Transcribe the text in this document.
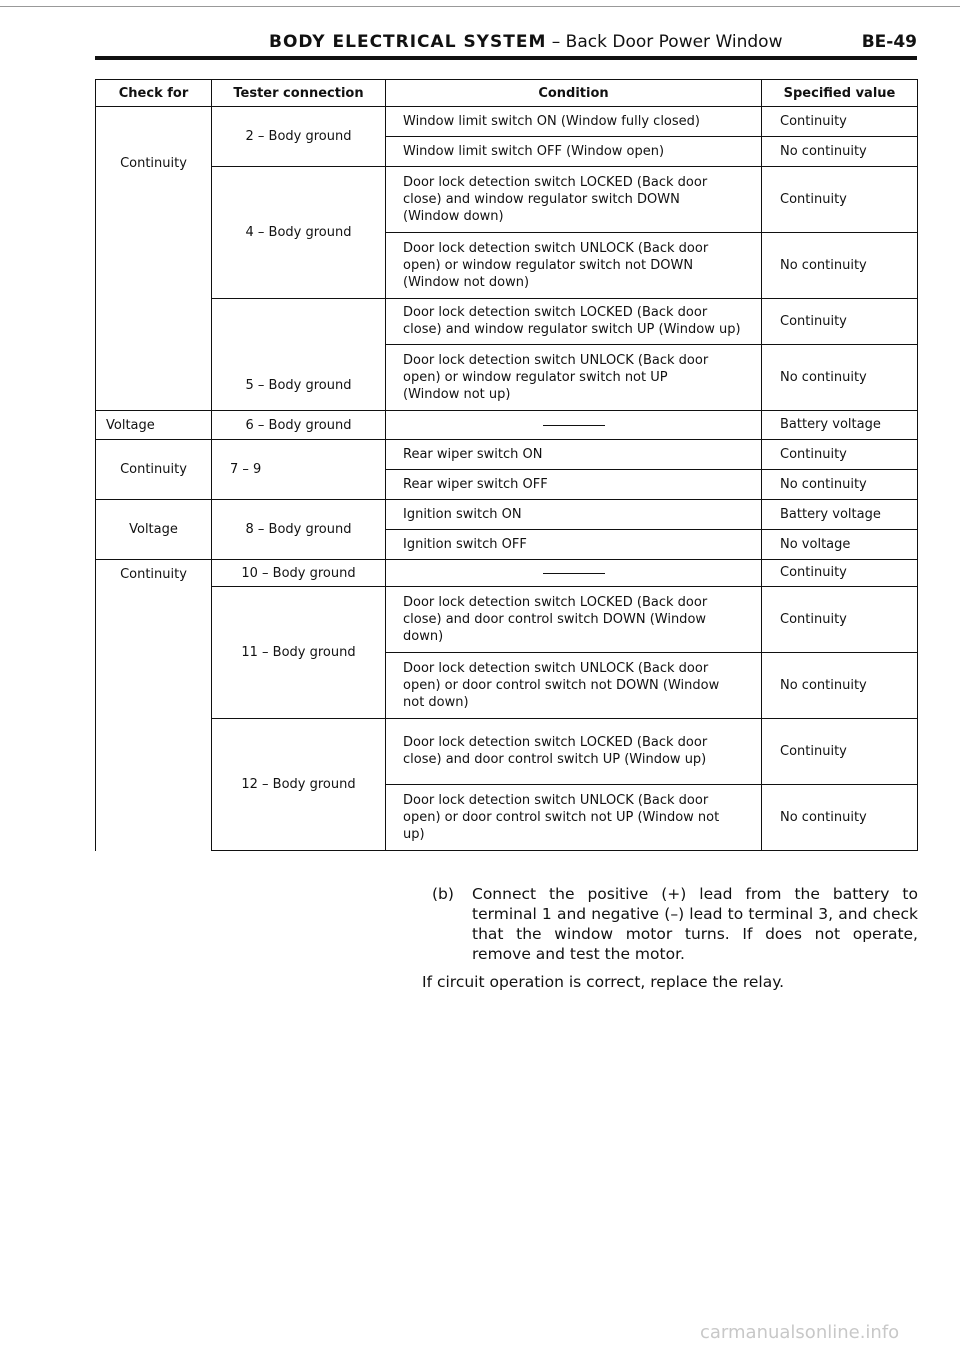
BODY ELECTRICAL SYSTEM – Back Door Power Window	BE-49
Check for	Tester connection	Condition	Specified value
Continuity	2 – Body ground	Window limit switch ON (Window fully closed)	Continuity
		Window limit switch OFF (Window open)	No continuity
	4 – Body ground	Door lock detection switch LOCKED (Back door close) and window regulator switch DOWN (Window down)	Continuity
		Door lock detection switch UNLOCK (Back door open) or window regulator switch not DOWN (Window not down)	No continuity
	5 – Body ground	Door lock detection switch LOCKED (Back door close) and window regulator switch UP (Window up)	Continuity
		Door lock detection switch UNLOCK (Back door open) or window regulator switch not UP (Window not up)	No continuity
Voltage	6 – Body ground		Battery voltage
Continuity	7 – 9	Rear wiper switch ON	Continuity
		Rear wiper switch OFF	No continuity
Voltage	8 – Body ground	Ignition switch ON	Battery voltage
		Ignition switch OFF	No voltage
Continuity	10 – Body ground		Continuity
	11 – Body ground	Door lock detection switch LOCKED (Back door close) and door control switch DOWN (Window down)	Continuity
		Door lock detection switch UNLOCK (Back door open) or door control switch not DOWN (Window not down)	No continuity
	12 – Body ground	Door lock detection switch LOCKED (Back door close) and door control switch UP (Window up)	Continuity
		Door lock detection switch UNLOCK (Back door open) or door control switch not UP (Window not up)	No continuity
(b) Connect the positive (+) lead from the battery to terminal 1 and negative (–) lead to terminal 3, and check that the window motor turns. If does not operate, remove and test the motor.
If circuit operation is correct, replace the relay.
carmanualsonline.info
